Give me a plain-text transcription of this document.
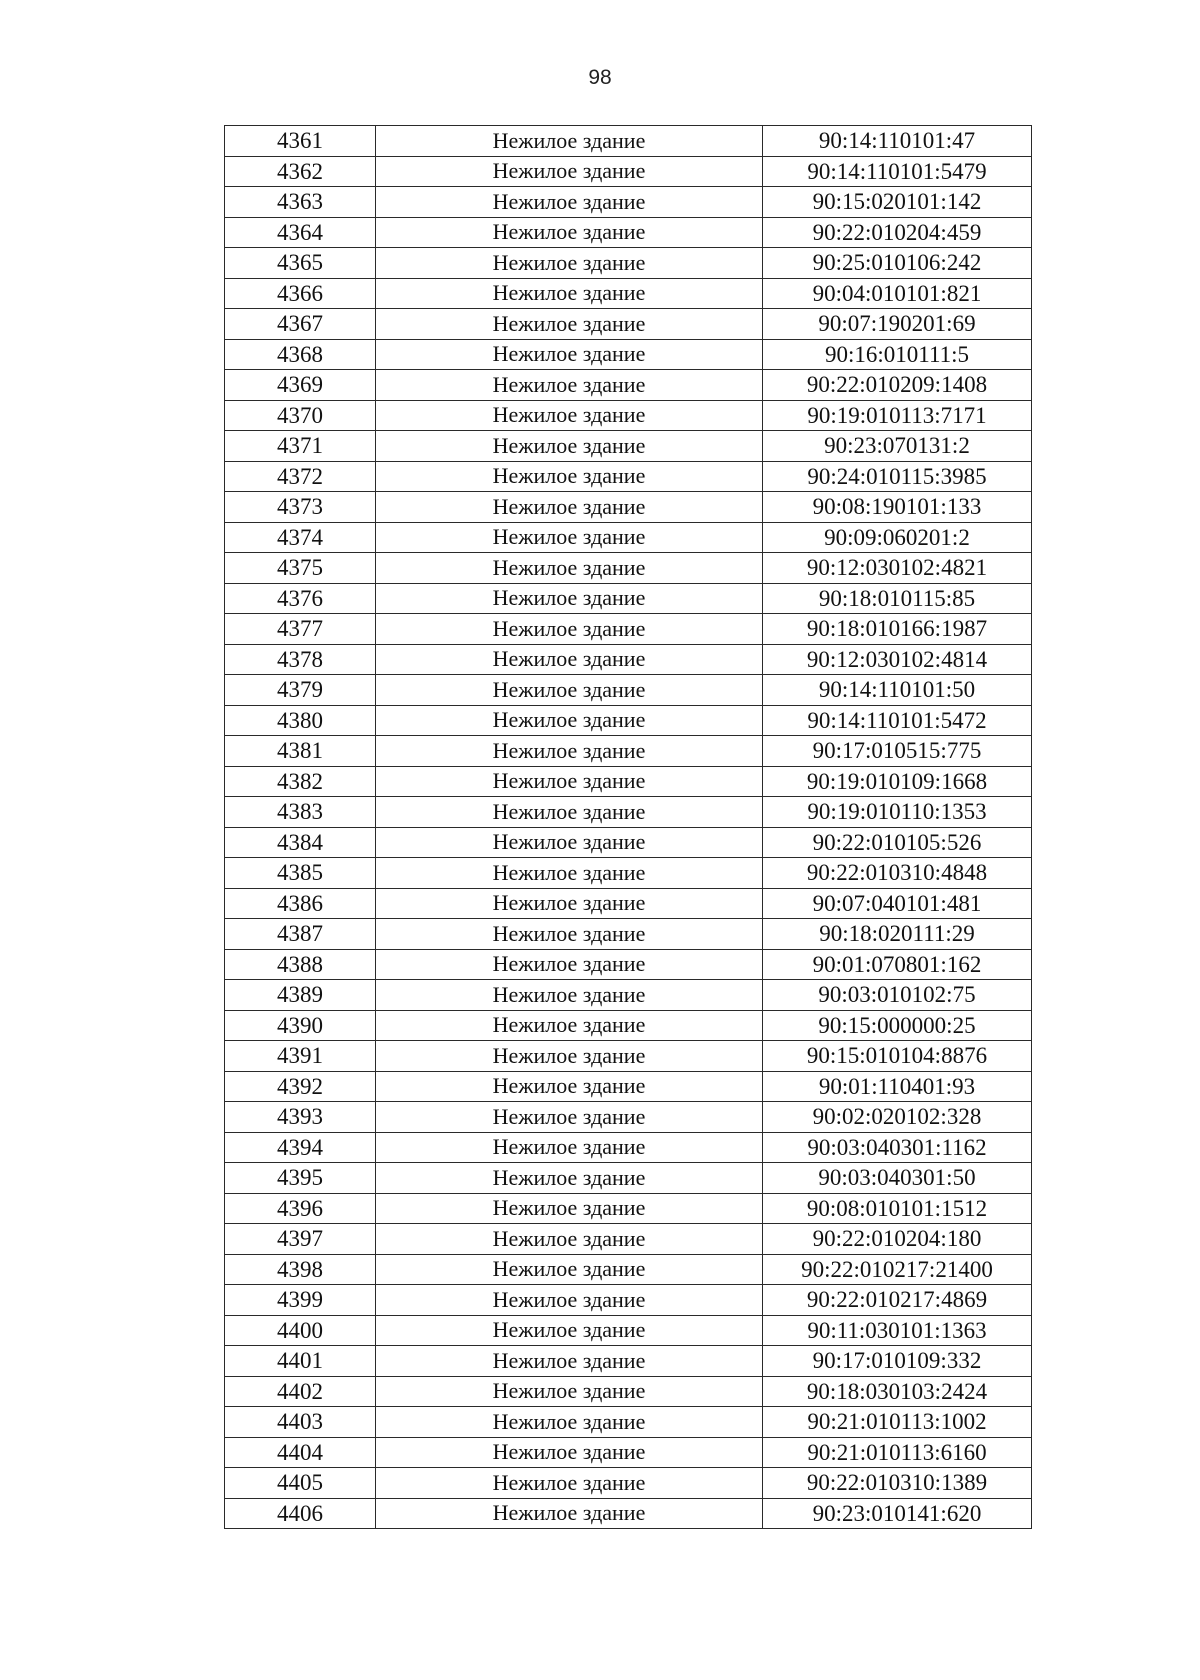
98
4361	Нежилое здание	90:14:110101:47
4362	Нежилое здание	90:14:110101:5479
4363	Нежилое здание	90:15:020101:142
4364	Нежилое здание	90:22:010204:459
4365	Нежилое здание	90:25:010106:242
4366	Нежилое здание	90:04:010101:821
4367	Нежилое здание	90:07:190201:69
4368	Нежилое здание	90:16:010111:5
4369	Нежилое здание	90:22:010209:1408
4370	Нежилое здание	90:19:010113:7171
4371	Нежилое здание	90:23:070131:2
4372	Нежилое здание	90:24:010115:3985
4373	Нежилое здание	90:08:190101:133
4374	Нежилое здание	90:09:060201:2
4375	Нежилое здание	90:12:030102:4821
4376	Нежилое здание	90:18:010115:85
4377	Нежилое здание	90:18:010166:1987
4378	Нежилое здание	90:12:030102:4814
4379	Нежилое здание	90:14:110101:50
4380	Нежилое здание	90:14:110101:5472
4381	Нежилое здание	90:17:010515:775
4382	Нежилое здание	90:19:010109:1668
4383	Нежилое здание	90:19:010110:1353
4384	Нежилое здание	90:22:010105:526
4385	Нежилое здание	90:22:010310:4848
4386	Нежилое здание	90:07:040101:481
4387	Нежилое здание	90:18:020111:29
4388	Нежилое здание	90:01:070801:162
4389	Нежилое здание	90:03:010102:75
4390	Нежилое здание	90:15:000000:25
4391	Нежилое здание	90:15:010104:8876
4392	Нежилое здание	90:01:110401:93
4393	Нежилое здание	90:02:020102:328
4394	Нежилое здание	90:03:040301:1162
4395	Нежилое здание	90:03:040301:50
4396	Нежилое здание	90:08:010101:1512
4397	Нежилое здание	90:22:010204:180
4398	Нежилое здание	90:22:010217:21400
4399	Нежилое здание	90:22:010217:4869
4400	Нежилое здание	90:11:030101:1363
4401	Нежилое здание	90:17:010109:332
4402	Нежилое здание	90:18:030103:2424
4403	Нежилое здание	90:21:010113:1002
4404	Нежилое здание	90:21:010113:6160
4405	Нежилое здание	90:22:010310:1389
4406	Нежилое здание	90:23:010141:620
